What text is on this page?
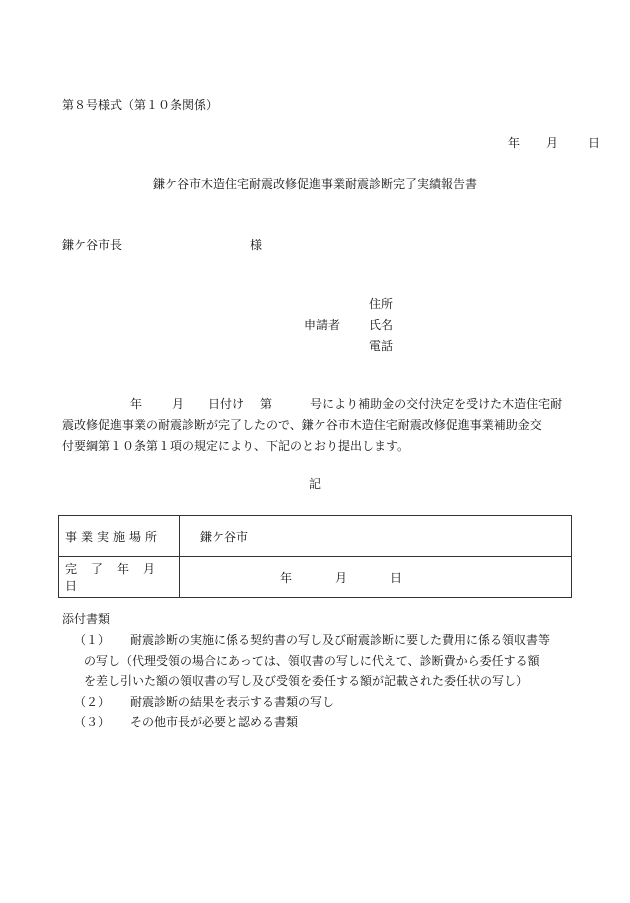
第８号様式（第１０条関係）
年 月 日
鎌ケ谷市木造住宅耐震改修促進事業耐震診断完了実績報告書
鎌ケ谷市長	様
住所
申請者 氏名
電話
年	月 日付け 第	号により補助金の交付決定を受けた木造住宅耐
震改修促進事業の耐震診断が完了したので、鎌ケ谷市木造住宅耐震改修促進事業補助金交
付要綱第１０条第１項の規定により、下記のとおり提出します。
記
事業実施場所	鎌ケ谷市
完了年月日	年 月 日
添付書類
（１） 耐震診断の実施に係る契約書の写し及び耐震診断に要した費用に係る領収書等
の写し（代理受領の場合にあっては、領収書の写しに代えて、診断費から委任する額
を差し引いた額の領収書の写し及び受領を委任する額が記載された委任状の写し）
（２） 耐震診断の結果を表示する書類の写し
（３） その他市長が必要と認める書類
